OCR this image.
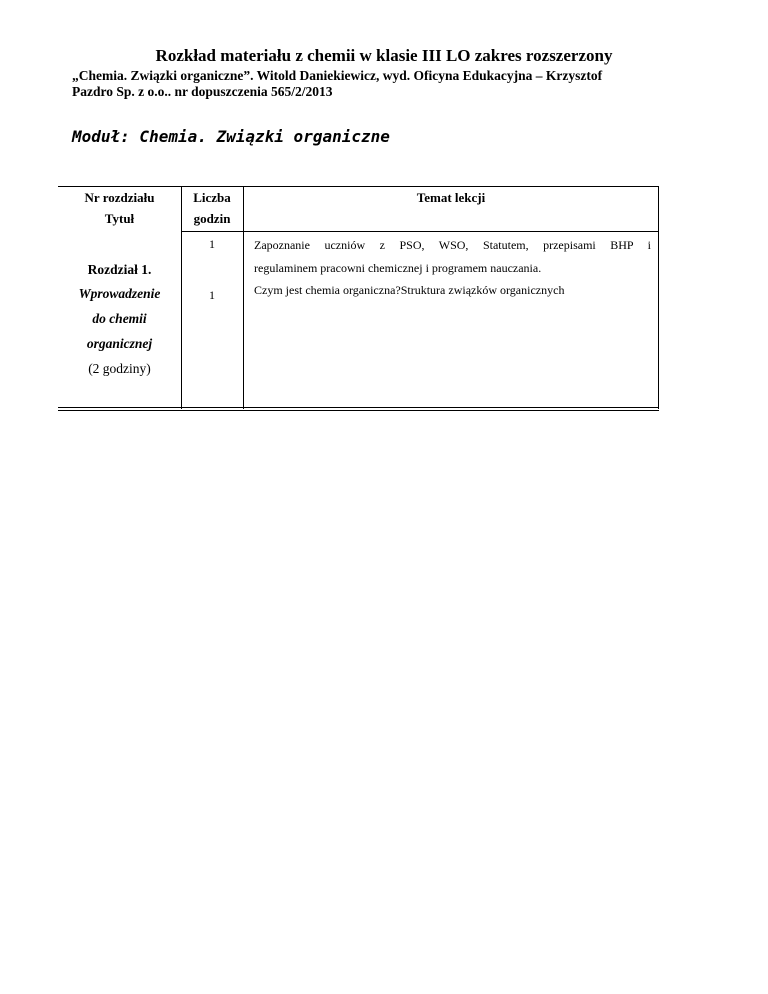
Rozkład materiału z chemii w klasie III LO zakres rozszerzony
„Chemia. Związki organiczne”. Witold Daniekiewicz, wyd. Oficyna Edukacyjna – Krzysztof
Pazdro Sp. z o.o.. nr dopuszczenia 565/2/2013
Moduł: Chemia. Związki organiczne
Nr rozdziału
Tytuł
Liczba
godzin
Temat lekcji
Rozdział 1.
Wprowadzenie
do chemii
organicznej
(2 godziny)
1	Zapoznanie uczniów z PSO, WSO, Statutem, przepisami BHP i
regulaminem pracowni chemicznej i programem nauczania.
1	Czym jest chemia organiczna?Struktura związków organicznych
